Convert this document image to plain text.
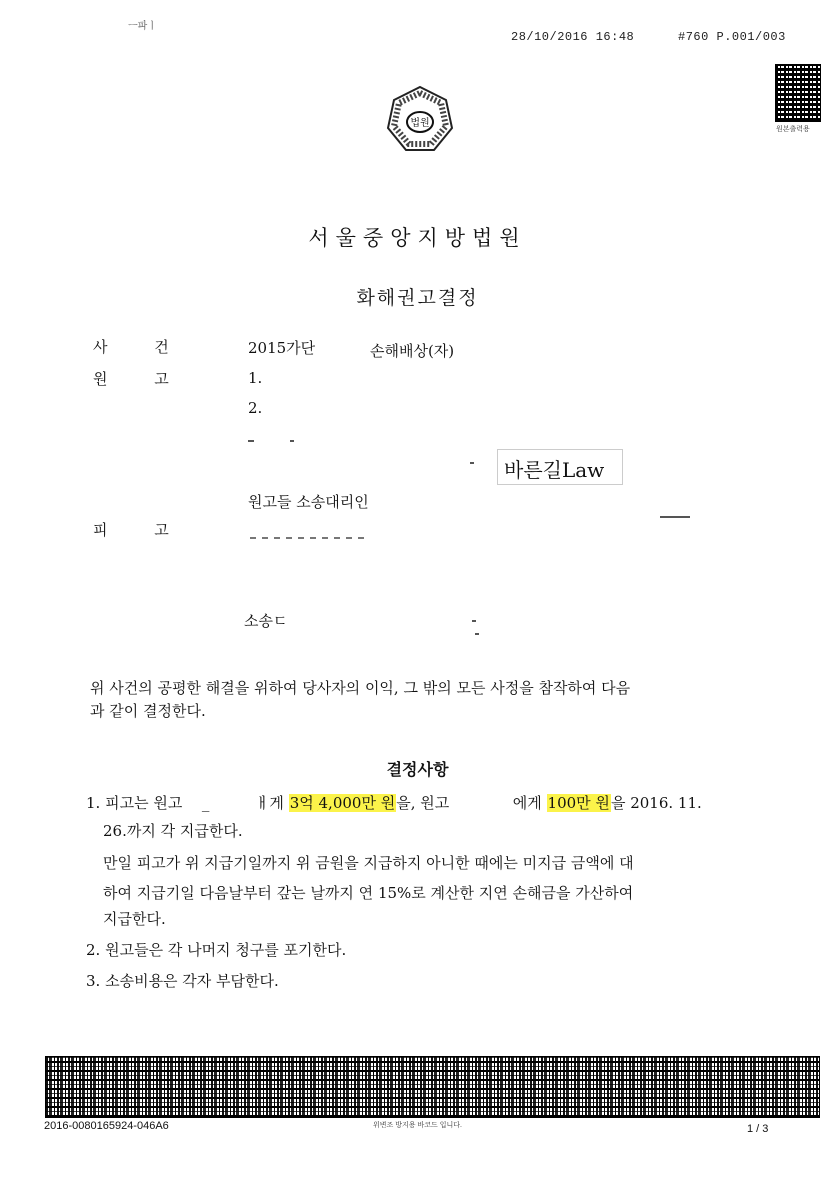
ㅡ파ㅣ
28/10/2016 16:48	#760 P.001/003
원본출력용
법원
서울중앙지방법원
화해권고결정
사 건	2015가단	손해배상(자)
원 고	1.
2.
바른길Law
원고들 소송대리인
피 고
소송ㄷ
위 사건의 공평한 해결을 위하여 당사자의 이익, 그 밖의 모든 사정을 참작하여 다음
과 같이 결정한다.
결정사항
1. 피고는 원고 _	ㅐ게 3억 4,000만 원을, 원고	에게 100만 원을 2016. 11.
26.까지 각 지급한다.
만일 피고가 위 지급기일까지 위 금원을 지급하지 아니한 때에는 미지급 금액에 대
하여 지급기일 다음날부터 갚는 날까지 연 15%로 계산한 지연 손해금을 가산하여
지급한다.
2. 원고들은 각 나머지 청구를 포기한다.
3. 소송비용은 각자 부담한다.
2016-0080165924-046A6	위변조 방지용 바코드 입니다.	1 / 3
